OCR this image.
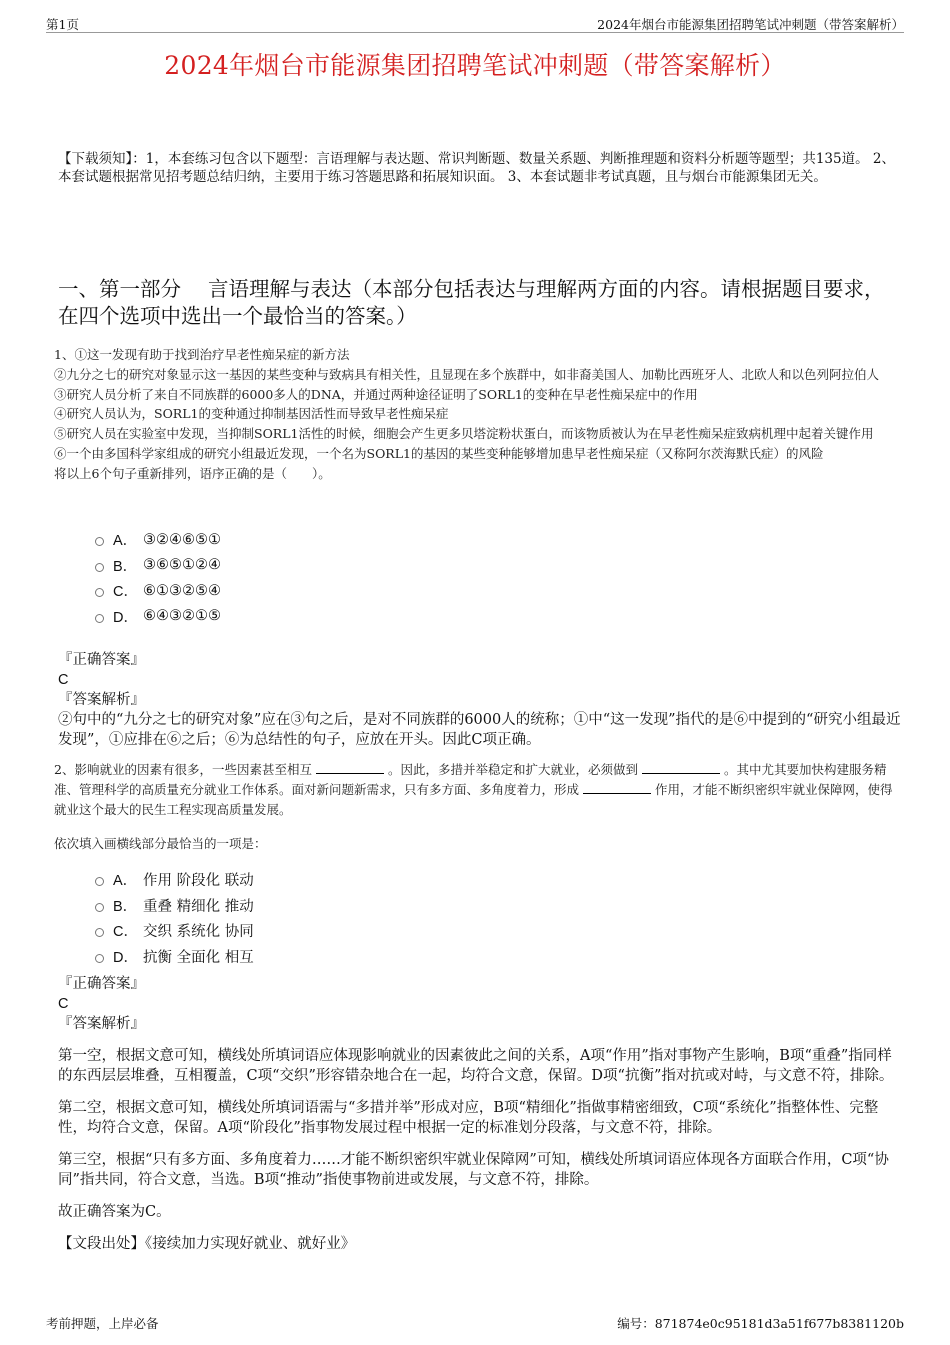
第1页	2024年烟台市能源集团招聘笔试冲刺题（带答案解析）
2024年烟台市能源集团招聘笔试冲刺题（带答案解析）
【下载须知】：1，本套练习包含以下题型：言语理解与表达题、常识判断题、数量关系题、判断推理题和资料分析题等题型；共135道。 2、本套试题根据常见招考题总结归纳，主要用于练习答题思路和拓展知识面。 3、本套试题非考试真题，且与烟台市能源集团无关。
一、第一部分　 言语理解与表达（本部分包括表达与理解两方面的内容。请根据题目要求，在四个选项中选出一个最恰当的答案。）
1、①这一发现有助于找到治疗早老性痴呆症的新方法
②九分之七的研究对象显示这一基因的某些变种与致病具有相关性，且显现在多个族群中，如非裔美国人、加勒比西班牙人、北欧人和以色列阿拉伯人
③研究人员分析了来自不同族群的6000多人的DNA，并通过两种途径证明了SORL1的变种在早老性痴呆症中的作用
④研究人员认为，SORL1的变种通过抑制基因活性而导致早老性痴呆症
⑤研究人员在实验室中发现，当抑制SORL1活性的时候，细胞会产生更多贝塔淀粉状蛋白，而该物质被认为在早老性痴呆症致病机理中起着关键作用
⑥一个由多国科学家组成的研究小组最近发现，一个名为SORL1的基因的某些变种能够增加患早老性痴呆症（又称阿尔茨海默氏症）的风险
将以上6个句子重新排列，语序正确的是（　　）。
A． ③②④⑥⑤①
B． ③⑥⑤①②④
C． ⑥①③②⑤④
D． ⑥④③②①⑤
『正确答案』
C
『答案解析』
②句中的“九分之七的研究对象”应在③句之后，是对不同族群的6000人的统称；①中“这一发现”指代的是⑥中提到的“研究小组最近发现”，①应排在⑥之后；⑥为总结性的句子，应放在开头。因此C项正确。
2、影响就业的因素有很多，一些因素甚至相互	。因此，多措并举稳定和扩大就业，必须做到	。其中尤其要加快构建服务精准、管理科学的高质量充分就业工作体系。面对新问题新需求，只有多方面、多角度着力，形成	作用，才能不断织密织牢就业保障网，使得就业这个最大的民生工程实现高质量发展。
依次填入画横线部分最恰当的一项是：
A． 作用 阶段化 联动
B． 重叠 精细化 推动
C． 交织 系统化 协同
D． 抗衡 全面化 相互
『正确答案』
C
『答案解析』
第一空，根据文意可知，横线处所填词语应体现影响就业的因素彼此之间的关系，A项“作用”指对事物产生影响，B项“重叠”指同样的东西层层堆叠，互相覆盖，C项“交织”形容错杂地合在一起，均符合文意，保留。D项“抗衡”指对抗或对峙，与文意不符，排除。
第二空，根据文意可知，横线处所填词语需与“多措并举”形成对应，B项“精细化”指做事精密细致，C项“系统化”指整体性、完整性，均符合文意，保留。A项“阶段化”指事物发展过程中根据一定的标准划分段落，与文意不符，排除。
第三空，根据“只有多方面、多角度着力……才能不断织密织牢就业保障网”可知，横线处所填词语应体现各方面联合作用，C项“协同”指共同，符合文意，当选。B项“推动”指使事物前进或发展，与文意不符，排除。
故正确答案为C。
【文段出处】《接续加力实现好就业、就好业》
考前押题，上岸必备	编号：871874e0c95181d3a51f677b8381120b
